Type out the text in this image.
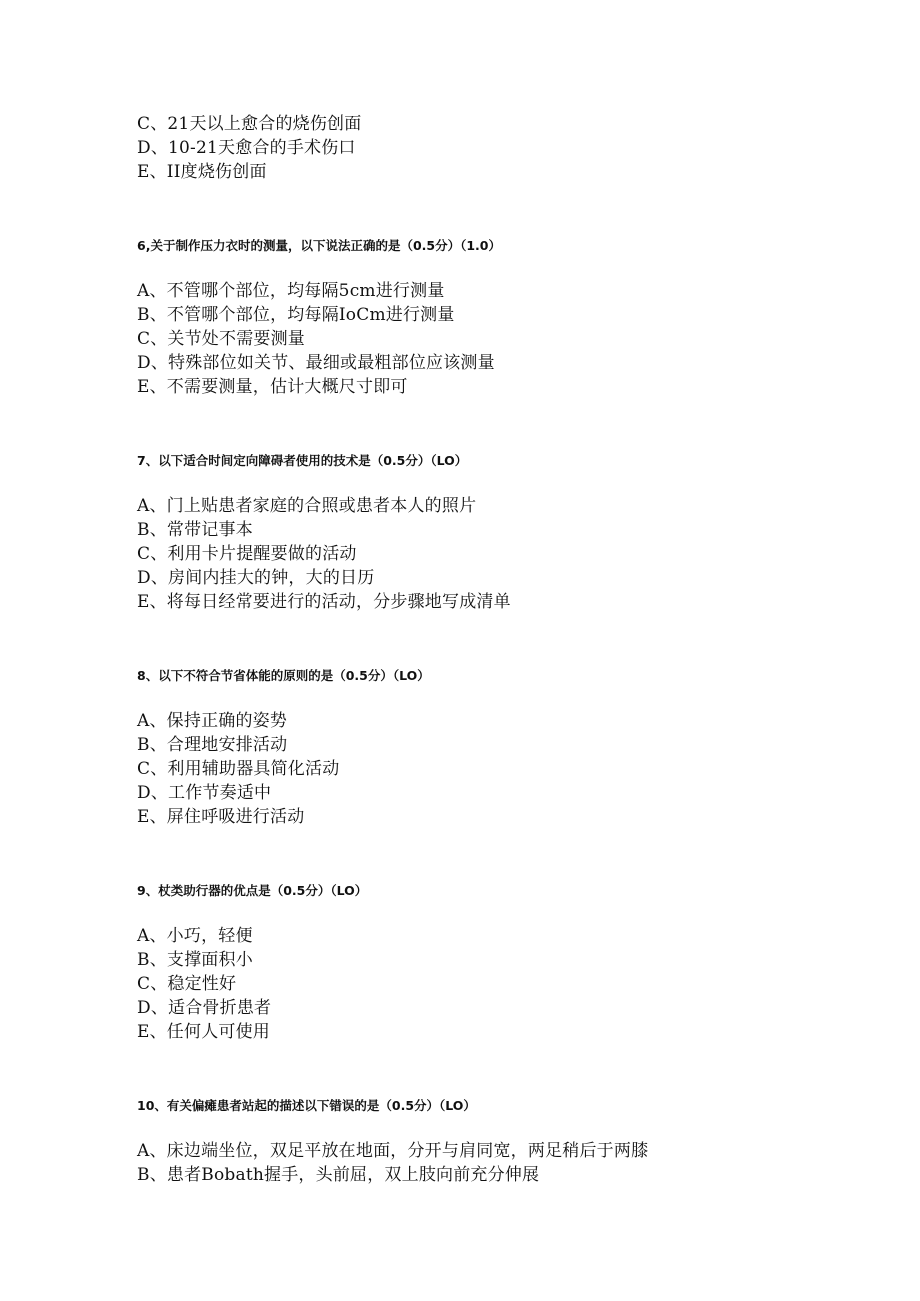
C、21天以上愈合的烧伤创面
D、10-21天愈合的手术伤口
E、II度烧伤创面
6,关于制作压力衣时的测量，以下说法正确的是（0.5分）（1.0）
A、不管哪个部位，均每隔5cm进行测量
B、不管哪个部位，均每隔IoCm进行测量
C、关节处不需要测量
D、特殊部位如关节、最细或最粗部位应该测量
E、不需要测量，估计大概尺寸即可
7、以下适合时间定向障碍者使用的技术是（0.5分）（LO）
A、门上贴患者家庭的合照或患者本人的照片
B、常带记事本
C、利用卡片提醒要做的活动
D、房间内挂大的钟，大的日历
E、将每日经常要进行的活动，分步骤地写成清单
8、以下不符合节省体能的原则的是（0.5分）（LO）
A、保持正确的姿势
B、合理地安排活动
C、利用辅助器具简化活动
D、工作节奏适中
E、屏住呼吸进行活动
9、杖类助行器的优点是（0.5分）（LO）
A、小巧，轻便
B、支撑面积小
C、稳定性好
D、适合骨折患者
E、任何人可使用
10、有关偏瘫患者站起的描述以下错误的是（0.5分）（LO）
A、床边端坐位，双足平放在地面，分开与肩同宽，两足稍后于两膝
B、患者Bobath握手，头前屈，双上肢向前充分伸展
